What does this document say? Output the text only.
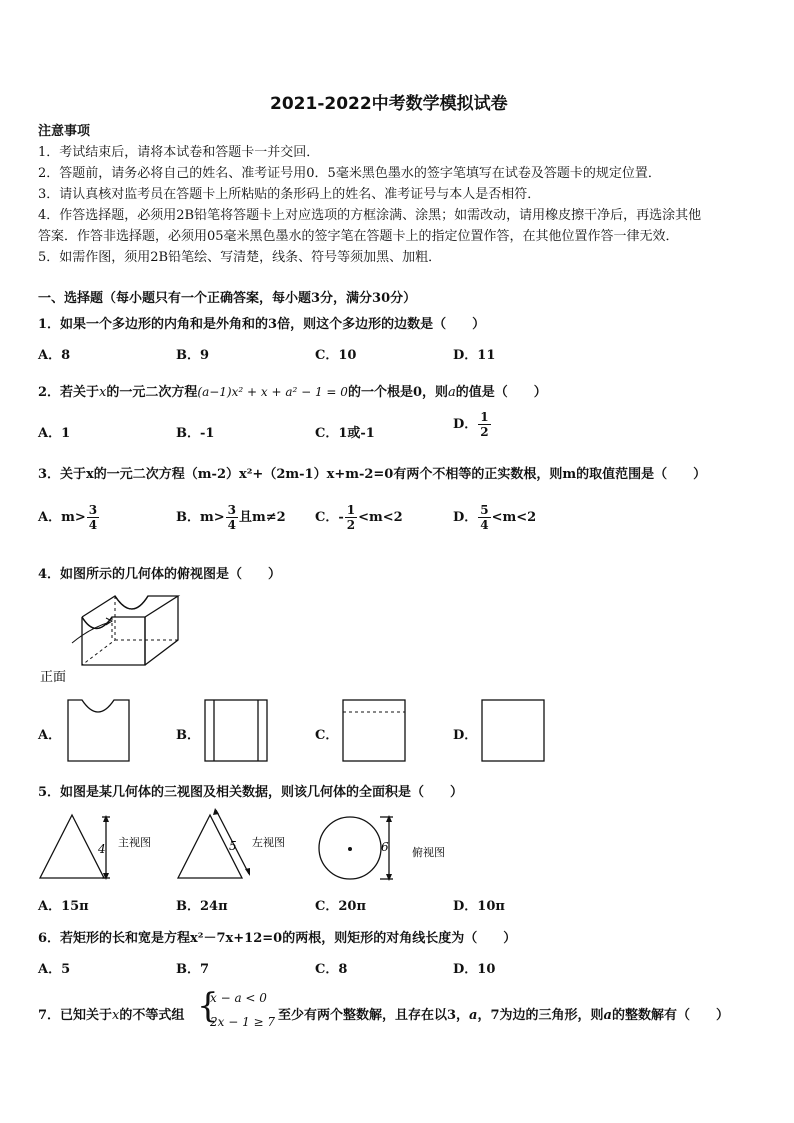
2021-2022中考数学模拟试卷
注意事项
1．考试结束后，请将本试卷和答题卡一并交回．
2．答题前，请务必将自己的姓名、准考证号用0．5毫米黑色墨水的签字笔填写在试卷及答题卡的规定位置．
3．请认真核对监考员在答题卡上所粘贴的条形码上的姓名、准考证号与本人是否相符．
4．作答选择题，必须用2B铅笔将答题卡上对应选项的方框涂满、涂黑；如需改动，请用橡皮擦干净后，再选涂其他
答案．作答非选择题，必须用05毫米黑色墨水的签字笔在答题卡上的指定位置作答，在其他位置作答一律无效．
5．如需作图，须用2B铅笔绘、写清楚，线条、符号等须加黑、加粗．
一、选择题（每小题只有一个正确答案，每小题3分，满分30分）
1．如果一个多边形的内角和是外角和的3倍，则这个多边形的边数是（　　）
A．8	B．9	C．10	D．11
2．若关于x的一元二次方程(a−1)x² + x + a² − 1 = 0的一个根是0，则a的值是（　　）
A．1	B．-1	C．1或-1
D． $\frac{1}{2}$
3．关于x的一元二次方程（m-2）x²+（2m-1）x+m-2=0有两个不相等的正实数根，则m的取值范围是（　　）
A．$m> \frac{3}{4}$	B．$m> \frac{3}{4}$ 且m≠2 C．- $\frac{1}{2} <m<2$	D． $\frac{5}{4} <m<2$
4．如图所示的几何体的俯视图是（　　）
正面
A．	B．	C．	D．
5．如图是某几何体的三视图及相关数据，则该几何体的全面积是（　　）
4	5	6
主视图	左视图
俯视图
A．15π	B．24π	C．20π	D．10π
6．若矩形的长和宽是方程x²－7x+12=0的两根，则矩形的对角线长度为（　　）
A．5	B．7	C．8	D．10
7．已知关于x的不等式组 {
x − a < 0
2x − 1 ≥ 7 至少有两个整数解，且存在以3，a，7为边的三角形，则a的整数解有（　　）
